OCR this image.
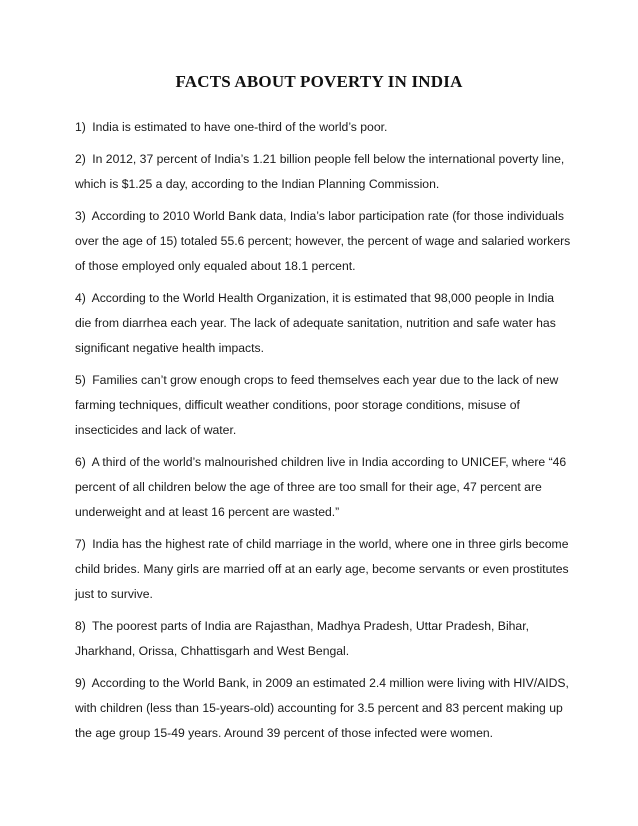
FACTS ABOUT POVERTY IN INDIA
1) India is estimated to have one-third of the world’s poor.
2) In 2012, 37 percent of India’s 1.21 billion people fell below the international poverty line, which is $1.25 a day, according to the Indian Planning Commission.
3) According to 2010 World Bank data, India’s labor participation rate (for those individuals over the age of 15) totaled 55.6 percent; however, the percent of wage and salaried workers of those employed only equaled about 18.1 percent.
4) According to the World Health Organization, it is estimated that 98,000 people in India die from diarrhea each year. The lack of adequate sanitation, nutrition and safe water has significant negative health impacts.
5) Families can’t grow enough crops to feed themselves each year due to the lack of new farming techniques, difficult weather conditions, poor storage conditions, misuse of insecticides and lack of water.
6) A third of the world’s malnourished children live in India according to UNICEF, where “46 percent of all children below the age of three are too small for their age, 47 percent are underweight and at least 16 percent are wasted.”
7) India has the highest rate of child marriage in the world, where one in three girls become child brides. Many girls are married off at an early age, become servants or even prostitutes just to survive.
8) The poorest parts of India are Rajasthan, Madhya Pradesh, Uttar Pradesh, Bihar, Jharkhand, Orissa, Chhattisgarh and West Bengal.
9) According to the World Bank, in 2009 an estimated 2.4 million were living with HIV/AIDS, with children (less than 15-years-old) accounting for 3.5 percent and 83 percent making up the age group 15-49 years. Around 39 percent of those infected were women.
